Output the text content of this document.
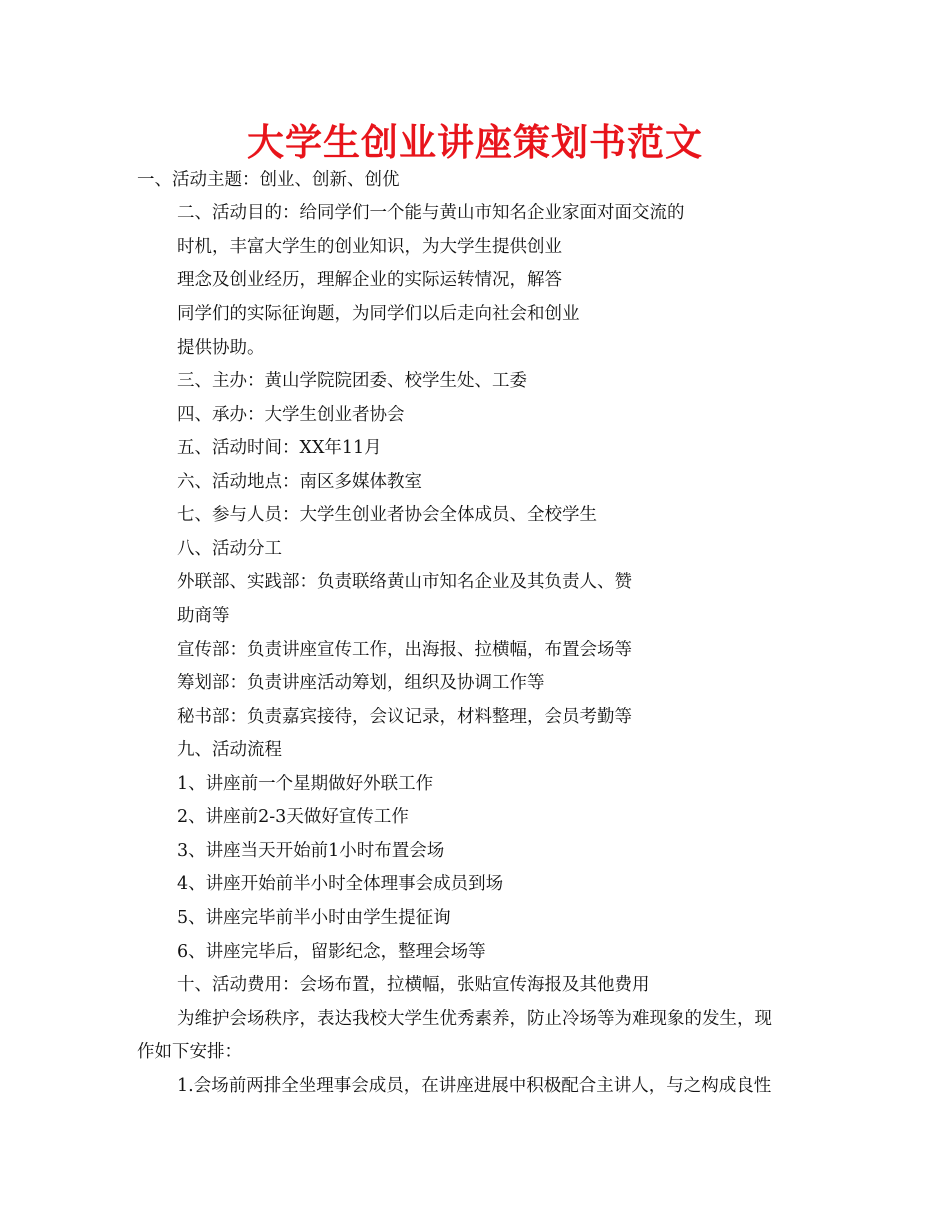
大学生创业讲座策划书范文
一、活动主题：创业、创新、创优
二、活动目的：给同学们一个能与黄山市知名企业家面对面交流的
时机，丰富大学生的创业知识，为大学生提供创业
理念及创业经历，理解企业的实际运转情况，解答
同学们的实际征询题，为同学们以后走向社会和创业
提供协助。
三、主办：黄山学院院团委、校学生处、工委
四、承办：大学生创业者协会
五、活动时间：XX年11月
六、活动地点：南区多媒体教室
七、参与人员：大学生创业者协会全体成员、全校学生
八、活动分工
外联部、实践部：负责联络黄山市知名企业及其负责人、赞
助商等
宣传部：负责讲座宣传工作，出海报、拉横幅，布置会场等
筹划部：负责讲座活动筹划，组织及协调工作等
秘书部：负责嘉宾接待，会议记录，材料整理，会员考勤等
九、活动流程
1、讲座前一个星期做好外联工作
2、讲座前2-3天做好宣传工作
3、讲座当天开始前1小时布置会场
4、讲座开始前半小时全体理事会成员到场
5、讲座完毕前半小时由学生提征询
6、讲座完毕后，留影纪念，整理会场等
十、活动费用：会场布置，拉横幅，张贴宣传海报及其他费用
为维护会场秩序，表达我校大学生优秀素养，防止冷场等为难现象的发生，现
作如下安排：
1.会场前两排全坐理事会成员，在讲座进展中积极配合主讲人，与之构成良性
